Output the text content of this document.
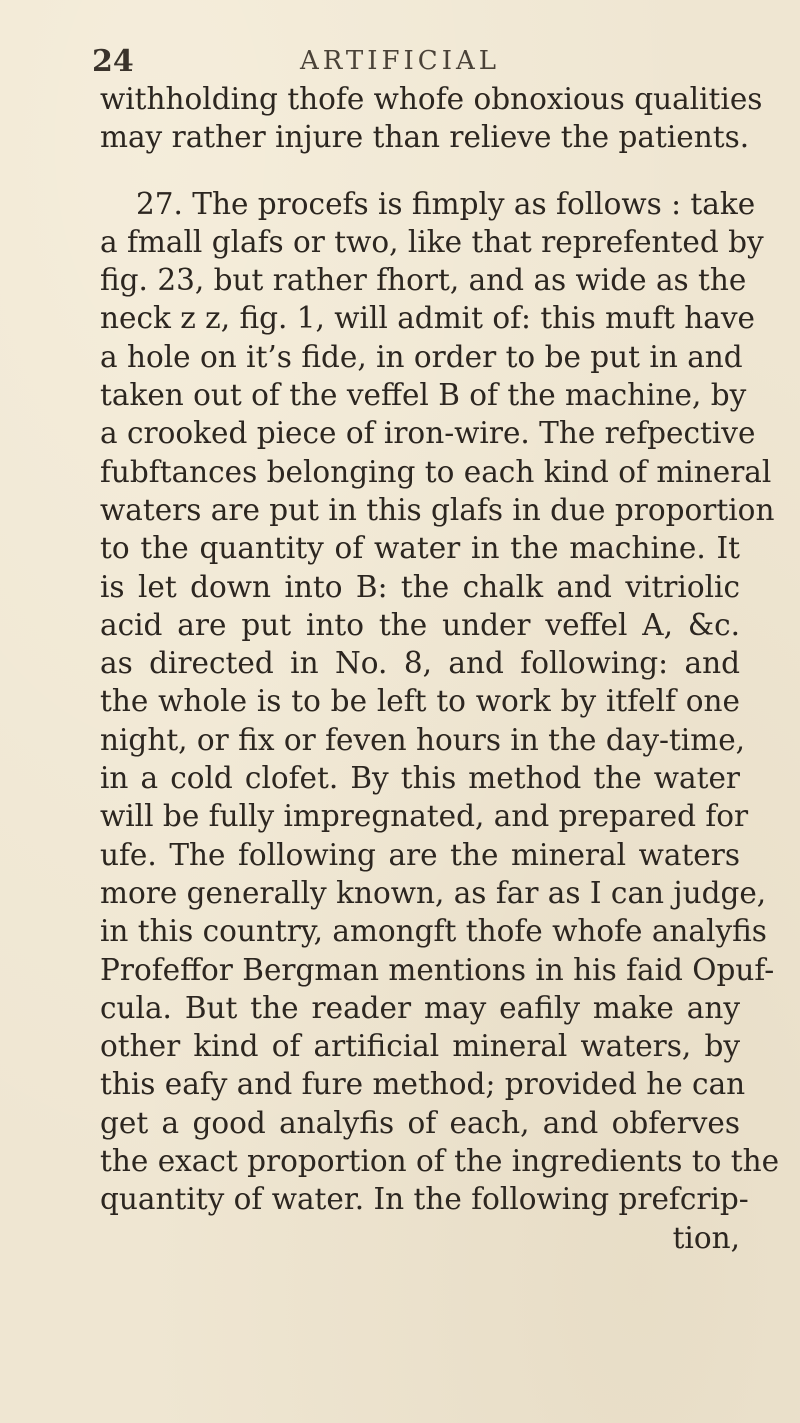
24	ARTIFICIAL
withholding thofe whofe obnoxious qualities
may rather injure than relieve the patients.
27. The procefs is fimply as follows : take
a fmall glafs or two, like that reprefented by
fig. 23, but rather fhort, and as wide as the
neck z z, fig. 1, will admit of: this muft have
a hole on it’s fide, in order to be put in and
taken out of the veffel B of the machine, by
a crooked piece of iron-wire. The refpective
fubftances belonging to each kind of mineral
waters are put in this glafs in due proportion
to the quantity of water in the machine. It
is let down into B: the chalk and vitriolic
acid are put into the under veffel A, &c.
as directed in No. 8, and following: and
the whole is to be left to work by itfelf one
night, or fix or feven hours in the day-time,
in a cold clofet. By this method the water
will be fully impregnated, and prepared for
ufe. The following are the mineral waters
more generally known, as far as I can judge,
in this country, amongft thofe whofe analyfis
Profeffor Bergman mentions in his faid Opuf-
cula. But the reader may eafily make any
other kind of artificial mineral waters, by
this eafy and fure method; provided he can
get a good analyfis of each, and obferves
the exact proportion of the ingredients to the
quantity of water. In the following prefcrip-
tion,
